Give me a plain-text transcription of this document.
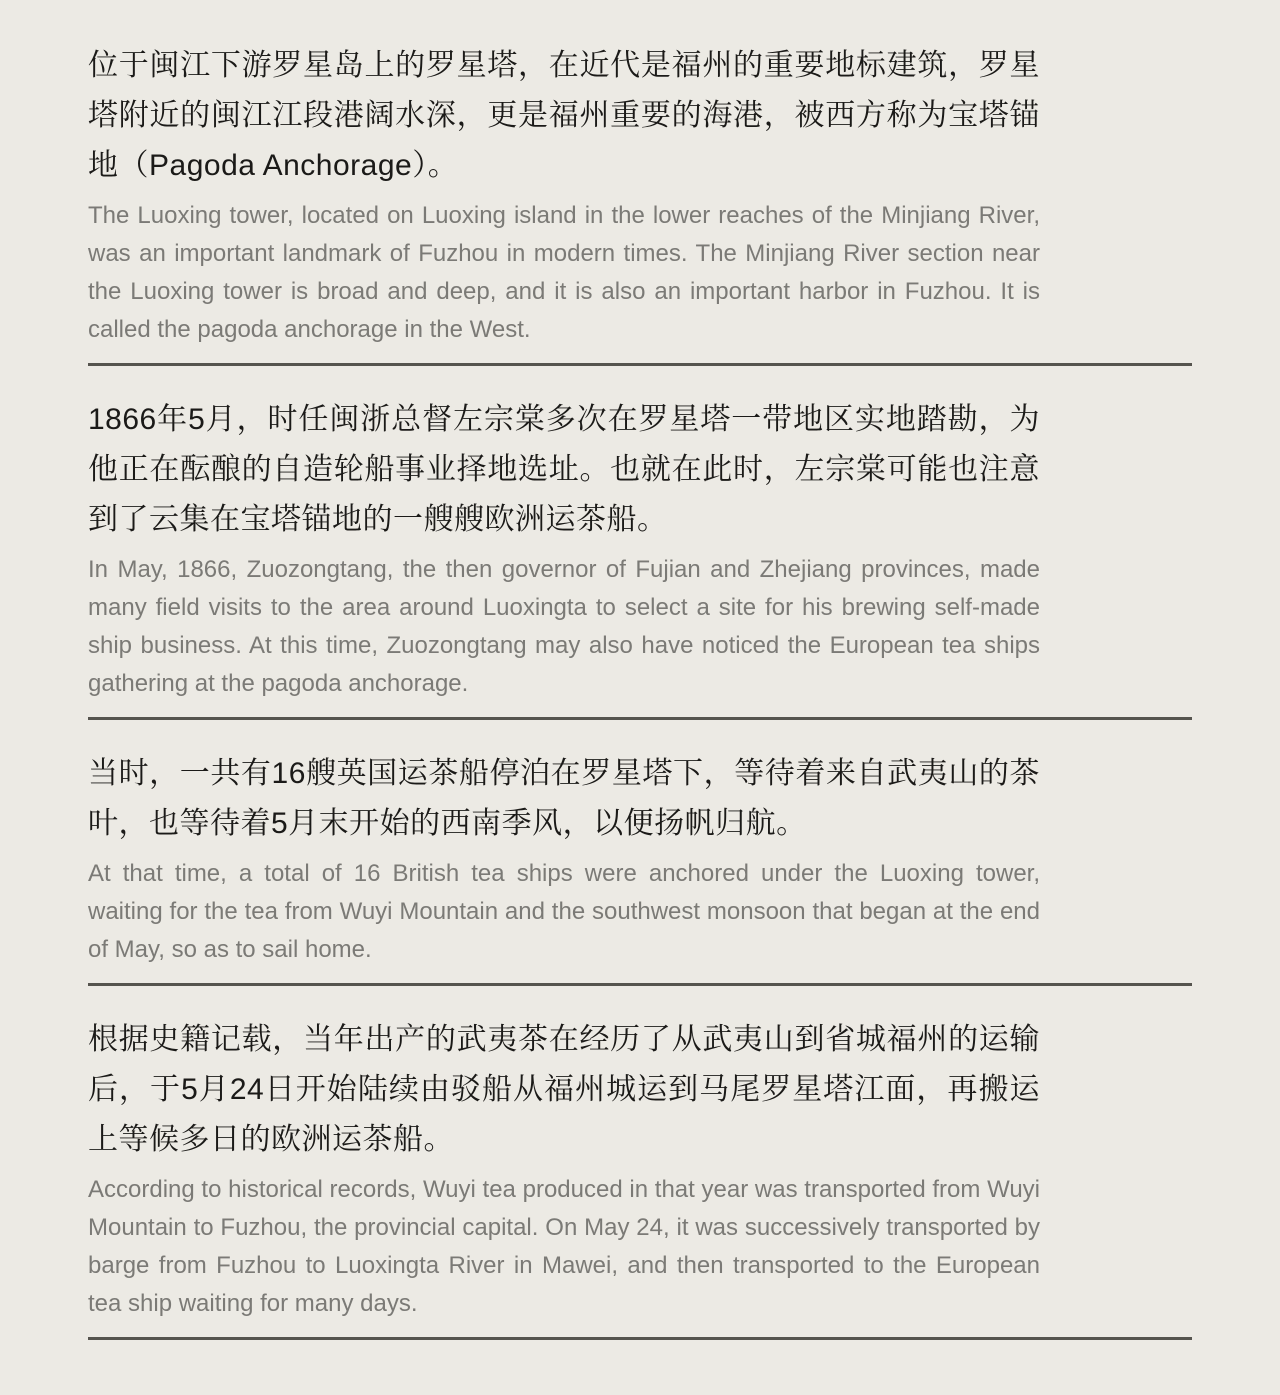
位于闽江下游罗星岛上的罗星塔，在近代是福州的重要地标建筑，罗星塔附近的闽江江段港阔水深，更是福州重要的海港，被西方称为宝塔锚地（Pagoda Anchorage）。

The Luoxing tower, located on Luoxing island in the lower reaches of the Minjiang River, was an important landmark of Fuzhou in modern times. The Minjiang River section near the Luoxing tower is broad and deep, and it is also an important harbor in Fuzhou. It is called the pagoda anchorage in the West.

1866年5月，时任闽浙总督左宗棠多次在罗星塔一带地区实地踏勘，为他正在酝酿的自造轮船事业择地选址。也就在此时，左宗棠可能也注意到了云集在宝塔锚地的一艘艘欧洲运茶船。

In May, 1866, Zuozongtang, the then governor of Fujian and Zhejiang provinces, made many field visits to the area around Luoxingta to select a site for his brewing self-made ship business. At this time, Zuozongtang may also have noticed the European tea ships gathering at the pagoda anchorage.

当时，一共有16艘英国运茶船停泊在罗星塔下，等待着来自武夷山的茶叶，也等待着5月末开始的西南季风，以便扬帆归航。

At that time, a total of 16 British tea ships were anchored under the Luoxing tower, waiting for the tea from Wuyi Mountain and the southwest monsoon that began at the end of May, so as to sail home.

根据史籍记载，当年出产的武夷茶在经历了从武夷山到省城福州的运输后，于5月24日开始陆续由驳船从福州城运到马尾罗星塔江面，再搬运上等候多日的欧洲运茶船。

According to historical records, Wuyi tea produced in that year was transported from Wuyi Mountain to Fuzhou, the provincial capital. On May 24, it was successively transported by barge from Fuzhou to Luoxingta River in Mawei, and then transported to the European tea ship waiting for many days.
